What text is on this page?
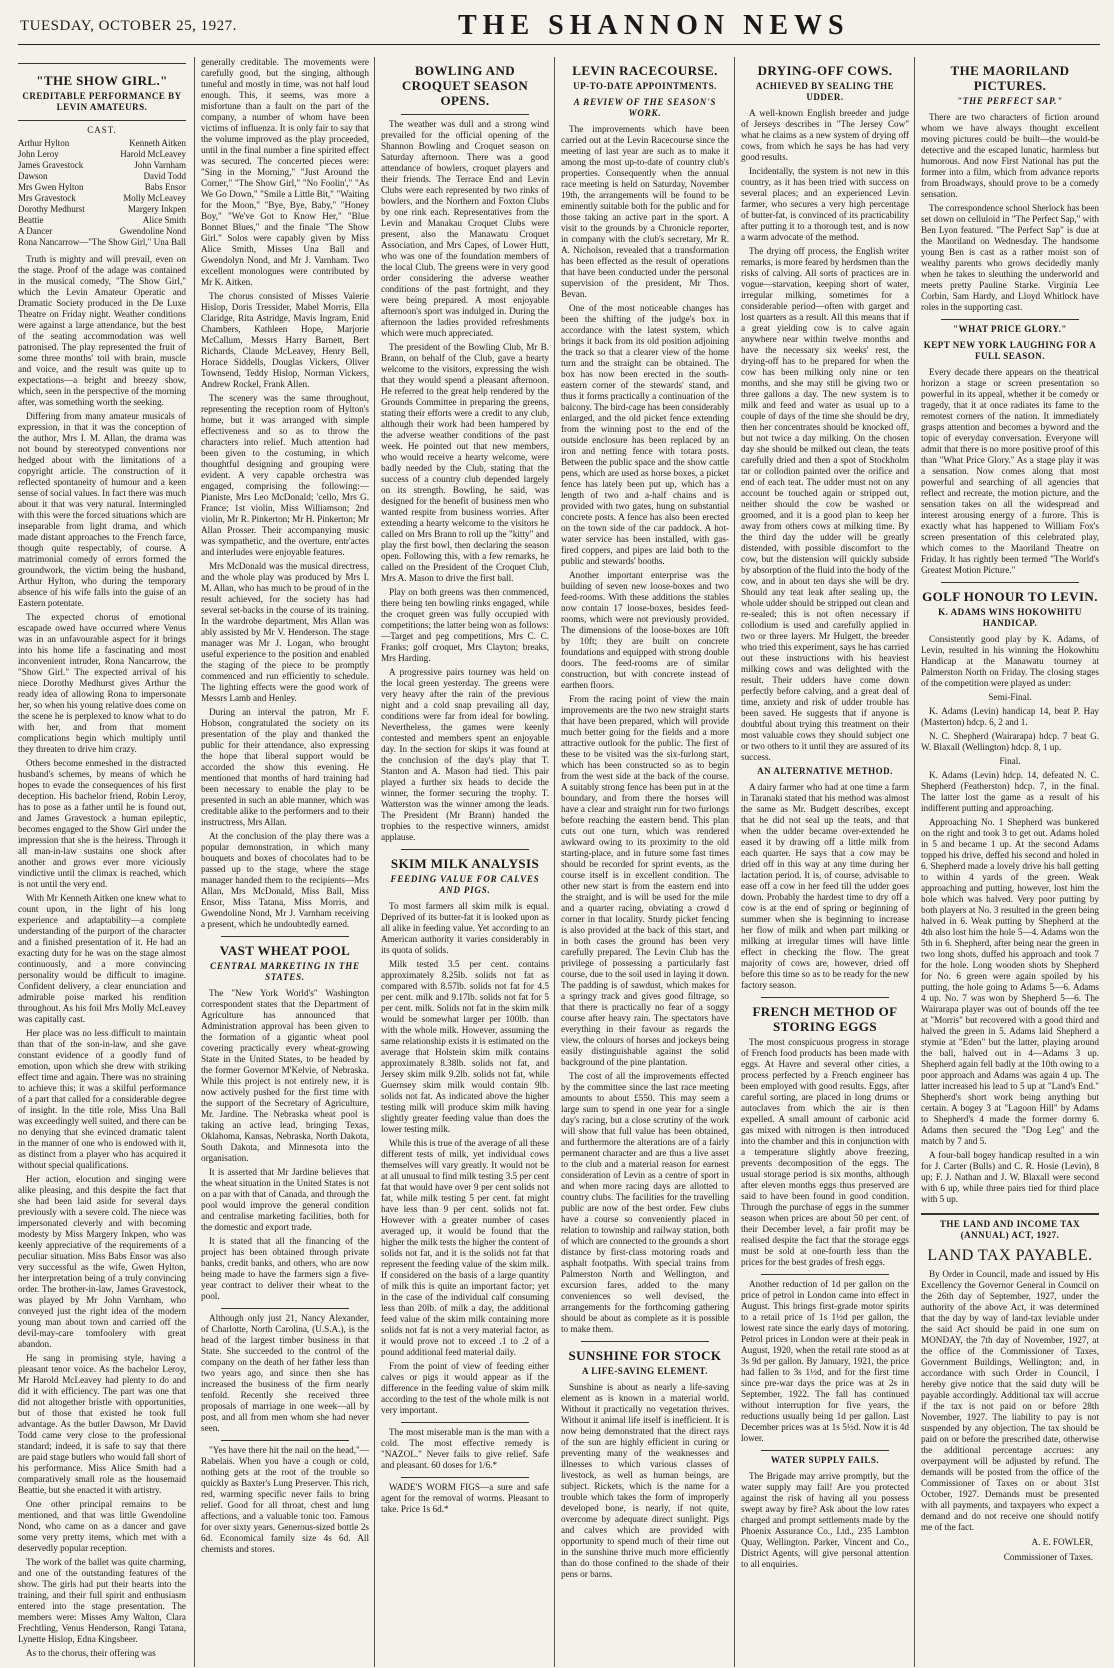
TUESDAY, OCTOBER 25, 1927.	THE SHANNON NEWS
"THE SHOW GIRL."
CREDITABLE PERFORMANCE BY LEVIN AMATEURS.
CAST.
Arthur Hylton	Kenneth Aitken
John Leroy	Harold McLeavey
James Gravestock	John Varnham
Dawson	David Todd
Mrs Gwen Hylton	Babs Ensor
Mrs Gravestock	Molly McLeavey
Dorothy Medhurst	Margery Inkpen
Beattie	Alice Smith
A Dancer	Gwendoline Nond
Rona Nancarrow—"The Show Girl," Una Ball

Truth is mighty and will prevail, even on the stage. Proof of the adage was contained in the musical comedy, "The Show Girl," which the Levin Amateur Operatic and Dramatic Society produced in the De Luxe Theatre on Friday night. Weather conditions were against a large attendance, but the best of the seating accommodation was well patronised. The play represented the fruit of some three months' toil with brain, muscle and voice, and the result was quite up to expectations—a bright and breezy show, which, seen in the perspective of the morning after, was something worth the seeking.

Differing from many amateur musicals of expression, in that it was the conception of the author, Mrs I. M. Allan, the drama was not bound by stereotyped conventions nor hedged about with the limitations of a copyright article. The construction of it reflected spontaneity of humour and a keen sense of social values. In fact there was much about it that was very natural. Intermingled with this were the forced situations which are inseparable from light drama, and which made distant approaches to the French farce, though quite respectably, of course. A matrimonial comedy of errors formed the groundwork, the victim being the husband, Arthur Hylton, who during the temporary absence of his wife falls into the guise of an Eastern potentate.

The expected chorus of emotional escapade owed have occurred where Venus was in an unfavourable aspect for it brings into his home life a fascinating and most inconvenient intruder, Rona Nancarrow, the "Show Girl." The expected arrival of his niece Dorothy Medhurst gives Arthur the ready idea of allowing Rona to impersonate her, so when his young relative does come on the scene he is perplexed to know what to do with her, and from that moment complications begin which multiply until they threaten to drive him crazy.

Others become enmeshed in the distracted husband's schemes, by means of which he hopes to evade the consequences of his first deception. His bachelor friend, Robin Leroy, has to pose as a father until he is found out, and James Gravestock a human epileptic, becomes engaged to the Show Girl under the impression that she is the heiress. Through it all man-in-law sustains one shock after another and grows ever more viciously vindictive until the climax is reached, which is not until the very end.

With Mr Kenneth Aitken one knew what to count upon, in the light of his long experience and adaptability—a complete understanding of the purport of the character and a finished presentation of it. He had an exacting duty for he was on the stage almost continuously, and a more convincing personality would be difficult to imagine. Confident delivery, a clear enunciation and admirable poise marked his rendition throughout. As his foil Mrs Molly McLeavey was capitally cast.

Her place was no less difficult to maintain than that of the son-in-law, and she gave constant evidence of a goodly fund of emotion, upon which she drew with striking effect time and again. There was no straining to achieve this; it was a skilful performance of a part that called for a considerable degree of insight. In the title role, Miss Una Ball was exceedingly well suited, and there can be no denying that she evinced dramatic talent in the manner of one who is endowed with it, as distinct from a player who has acquired it without special qualifications.

Her action, elocution and singing were alike pleasing, and this despite the fact that she had been laid aside for several days previously with a severe cold. The niece was impersonated cleverly and with becoming modesty by Miss Margery Inkpen, who was keenly appreciative of the requirements of a peculiar situation. Miss Babs Ensor was also very successful as the wife, Gwen Hylton, her interpretation being of a truly convincing order. The brother-in-law, James Gravestock, was played by Mr John Varnham, who conveyed just the right idea of the modern young man about town and carried off the devil-may-care tomfoolery with great abandon.

He sang in promising style, having a pleasant tenor voice. As the bachelor Leroy, Mr Harold McLeavey had plenty to do and did it with efficiency. The part was one that did not altogether bristle with opportunities, but of those that existed he took full advantage. As the butler Dawson, Mr David Todd came very close to the professional standard; indeed, it is safe to say that there are paid stage butlers who would fall short of his performance. Miss Alice Smith had a comparatively small role as the housemaid Beattie, but she enacted it with artistry.

One other principal remains to be mentioned, and that was little Gwendoline Nond, who came on as a dancer and gave some very pretty items, which met with a deservedly popular reception.

The work of the ballet was quite charming, and one of the outstanding features of the show. The girls had put their hearts into the training, and their full spirit and enthusiasm entered into the stage presentation. The members were: Misses Amy Walton, Clara Frechtling, Venus Henderson, Rangi Tatana, Lynette Hislop, Edna Kingsbeer.

As to the chorus, their offering was

generally creditable. The movements were carefully good, but the singing, although tuneful and mostly in time, was not half loud enough. This, it seems, was more a misfortune than a fault on the part of the company, a number of whom have been victims of influenza. It is only fair to say that the volume improved as the play proceeded, until in the final number a fine spirited effect was secured. The concerted pieces were: "Sing in the Morning," "Just Around the Corner," "The Show Girl," "No Foolin'," "As We Go Down," "Smile a Little Bit," "Waiting for the Moon," "Bye, Bye, Baby," "Honey Boy," "We've Got to Know Her," "Blue Bonnet Blues," and the finale "The Show Girl." Solos were capably given by Miss Alice Smith, Misses Una Ball and Gwendolyn Nond, and Mr J. Varnham. Two excellent monologues were contributed by Mr K. Aitken.

The chorus consisted of Misses Valerie Hislop, Doris Tressider, Mabel Morris, Ella Claridge, Rita Astridge, Mavis Ingram, Enid Chambers, Kathleen Hope, Marjorie McCallum, Messrs Harry Barnett, Bert Richards, Claude McLeavey, Henry Bell, Horace Siddells, Douglas Vickers, Oliver Townsend, Teddy Hislop, Norman Vickers, Andrew Rockel, Frank Allen.

The scenery was the same throughout, representing the reception room of Hylton's home, but it was arranged with simple effectiveness and so as to throw the characters into relief. Much attention had been given to the costuming, in which thoughtful designing and grouping were evident. A very capable orchestra was engaged, comprising the following:—Pianiste, Mrs Leo McDonald; 'cello, Mrs G. France; 1st violin, Miss Williamson; 2nd violin, Mr R. Pinkerton; Mr H. Pinkerton; Mr Allan Prosser. Their accompanying music was sympathetic, and the overture, entr'actes and interludes were enjoyable features.

Mrs McDonald was the musical directress, and the whole play was produced by Mrs I. M. Allan, who has much to be proud of in the result achieved, for the society has had several set-backs in the course of its training. In the wardrobe department, Mrs Allan was ably assisted by Mr V. Henderson. The stage manager was Mr J. Logan, who brought useful experience to the position and enabled the staging of the piece to be promptly commenced and run efficiently to schedule. The lighting effects were the good work of Messrs Lamb and Henley.

During an interval the patron, Mr F. Hobson, congratulated the society on its presentation of the play and thanked the public for their attendance, also expressing the hope that liberal support would be accorded the show this evening. He mentioned that months of hard training had been necessary to enable the play to be presented in such an able manner, which was creditable alike to the performers and to their instructress, Mrs Allan.

At the conclusion of the play there was a popular demonstration, in which many bouquets and boxes of chocolates had to be passed up to the stage, where the stage manager handed them to the recipients—Mrs Allan, Mrs McDonald, Miss Ball, Miss Ensor, Miss Tatana, Miss Morris, and Gwendoline Nond, Mr J. Varnham receiving a present, which he undoubtedly earned.

VAST WHEAT POOL
CENTRAL MARKETING IN THE STATES.

The "New York World's" Washington correspondent states that the Department of Agriculture has announced that Administration approval has been given to the formation of a gigantic wheat pool covering practically every wheat-growing State in the United States, to be headed by the former Governor M'Kelvie, of Nebraska. While this project is not entirely new, it is now actively pushed for the first time with the support of the Secretary of Agriculture, Mr. Jardine. The Nebraska wheat pool is taking an active lead, bringing Texas, Oklahoma, Kansas, Nebraska, North Dakota, South Dakota, and Minnesota into the organisation.

It is asserted that Mr Jardine believes that the wheat situation in the United States is not on a par with that of Canada, and through the pool would improve the general condition and centralise marketing facilities, both for the domestic and export trade.

It is stated that all the financing of the project has been obtained through private banks, credit banks, and others, who are now being made to have the farmers sign a five-year contract to deliver their wheat to the pool.

Although only just 21, Nancy Alexander, of Charlotte, North Carolina, (U.S.A.), is the head of the largest timber business in that State. She succeeded to the control of the company on the death of her father less than two years ago, and since then she has increased the business of the firm nearly tenfold. Recently she received three proposals of marriage in one week—all by post, and all from men whom she had never seen.

"Yes have there hit the nail on the head,"—Rabelais. When you have a cough or cold, nothing gets at the root of the trouble so quickly as Baxter's Lung Preserver. This rich, red, warming specific never fails to bring relief. Good for all throat, chest and lung affections, and a valuable tonic too. Famous for over sixty years. Generous-sized bottle 2s 6d. Economical family size 4s 6d. All chemists and stores.

BOWLING AND CROQUET SEASON OPENS.

The weather was dull and a strong wind prevailed for the official opening of the Shannon Bowling and Croquet season on Saturday afternoon. There was a good attendance of bowlers, croquet players and their friends. The Terrace End and Levin Clubs were each represented by two rinks of bowlers, and the Northern and Foxton Clubs by one rink each. Representatives from the Levin and Manakau Croquet Clubs were present, also the Manawatu Croquet Association, and Mrs Capes, of Lower Hutt, who was one of the foundation members of the local Club. The greens were in very good order considering the adverse weather conditions of the past fortnight, and they were being prepared. A most enjoyable afternoon's sport was indulged in. During the afternoon the ladies provided refreshments which were much appreciated.

The president of the Bowling Club, Mr B. Brann, on behalf of the Club, gave a hearty welcome to the visitors, expressing the wish that they would spend a pleasant afternoon. He referred to the great help rendered by the Grounds Committee in preparing the greens, stating their efforts were a credit to any club, although their work had been hampered by the adverse weather conditions of the past week. He pointed out that new members, who would receive a hearty welcome, were badly needed by the Club, stating that the success of a country club depended largely on its strength. Bowling, he said, was designed for the benefit of business men who wanted respite from business worries. After extending a hearty welcome to the visitors he called on Mrs Brann to roll up the "kitty" and play the first bowl, then declaring the season open. Following this, with a few remarks, he called on the President of the Croquet Club, Mrs A. Mason to drive the first ball.

Play on both greens was then commenced, there being ten bowling rinks engaged, while the croquet green was fully occupied with competitions; the latter being won as follows:—Target and peg competitions, Mrs C. C. Franks; golf croquet, Mrs Clayton; breaks, Mrs Harding.

A progressive pairs tourney was held on the local green yesterday. The greens were very heavy after the rain of the previous night and a cold snap prevailing all day, conditions were far from ideal for bowling. Nevertheless, the games were keenly contested and members spent an enjoyable day. In the section for skips it was found at the conclusion of the day's play that T. Stanton and A. Mason had tied. This pair played a further six heads to decide the winner, the former securing the trophy. T. Watterston was the winner among the leads. The President (Mr Brann) handed the trophies to the respective winners, amidst applause.

SKIM MILK ANALYSIS
FEEDING VALUE FOR CALVES AND PIGS.

To most farmers all skim milk is equal. Deprived of its butter-fat it is looked upon as all alike in feeding value. Yet according to an American authority it varies considerably in its quota of solids.

Milk tested 3.5 per cent. contains approximately 8.25lb. solids not fat as compared with 8.57lb. solids not fat for 4.5 per cent. milk and 9.17lb. solids not fat for 5 per cent. milk. Solids not fat in the skim milk would be somewhat larger per 100lb. than with the whole milk. However, assuming the same relationship exists it is estimated on the average that Holstein skim milk contains approximately 8.38lb. solids not fat, and Jersey skim milk 9.2lb. solids not fat, while Guernsey skim milk would contain 9lb. solids not fat. As indicated above the higher testing milk will produce skim milk having slightly greater feeding value than does the lower testing milk.

While this is true of the average of all these different tests of milk, yet individual cows themselves will vary greatly. It would not be at all unusual to find milk testing 3.5 per cent fat that would have over 9 per cent solids not fat, while milk testing 5 per cent. fat might have less than 9 per cent. solids not fat. However with a greater number of cases averaged up, it would be found that the higher the milk tests the higher the content of solids not fat, and it is the solids not fat that represent the feeding value of the skim milk. If considered on the basis of a large quantity of milk this is quite an important factor; yet in the case of the individual calf consuming less than 20lb. of milk a day, the additional feed value of the skim milk containing more solids not fat is not a very material factor, as it would prove not to exceed .1 to .2 of a pound additional feed material daily.

From the point of view of feeding either calves or pigs it would appear as if the difference in the feeding value of skim milk according to the test of the whole milk is not very important.

The most miserable man is the man with a cold. The most effective remedy is "NAZOL." Never fails to give relief. Safe and pleasant. 60 doses for 1/6.*

WADE'S WORM FIGS—a sure and safe agent for the removal of worms. Pleasant to take. Price 1s 6d.*

LEVIN RACECOURSE.
UP-TO-DATE APPOINTMENTS.
A REVIEW OF THE SEASON'S WORK.

The improvements which have been carried out at the Levin Racecourse since the meeting of last year are such as to make it among the most up-to-date of country club's properties. Consequently when the annual race meeting is held on Saturday, November 19th, the arrangements will be found to be eminently suitable both for the public and for those taking an active part in the sport. A visit to the grounds by a Chronicle reporter, in company with the club's secretary, Mr R. A. Nicholson, revealed that a transformation has been effected as the result of operations that have been conducted under the personal supervision of the president, Mr Thos. Bevan.

One of the most noticeable changes has been the shifting of the judge's box in accordance with the latest system, which brings it back from its old position adjoining the track so that a clearer view of the home turn and the straight can be obtained. The box has now been erected in the south-eastern corner of the stewards' stand, and thus it forms practically a continuation of the balcony. The bird-cage has been considerably enlarged, and the old picket fence extending from the winning post to the end of the outside enclosure has been replaced by an iron and netting fence with totara posts. Between the public space and the show cattle pens, which are used as horse boxes, a picket fence has lately been put up, which has a length of two and a-half chains and is provided with two gates, hung on substantial concrete posts. A fence has also been erected on the town side of the car paddock. A hot-water service has been installed, with gas-fired coppers, and pipes are laid both to the public and stewards' booths.

Another important enterprise was the building of seven new loose-boxes and two feed-rooms. With these additions the stables now contain 17 loose-boxes, besides feed-rooms, which were not previously provided. The dimensions of the loose-boxes are 10ft by 10ft; they are built on concrete foundations and equipped with strong double doors. The feed-rooms are of similar construction, but with concrete instead of earthen floors.

From the racing point of view the main improvements are the two new straight starts that have been prepared, which will provide much better going for the fields and a more attractive outlook for the public. The first of these to be visited was the six-furlong start, which has been constructed so as to begin from the west side at the back of the course. A suitably strong fence has been put in at the boundary, and from there the horses will have a clear and straight run for two furlongs before reaching the eastern bend. This plan cuts out one turn, which was rendered awkward owing to its proximity to the old starting-place, and in future some fast times should be recorded for sprint events, as the course itself is in excellent condition. The other new start is from the eastern end into the straight, and is will be used for the mile and a quarter racing, obviating a crowd d corner in that locality. Sturdy picket fencing is also provided at the back of this start, and in both cases the ground has been very carefully prepared. The Levin Club has the privilege of possessing a particularly fast course, due to the soil used in laying it down. The padding is of sawdust, which makes for a springy track and gives good filtrage, so that there is practically no fear of a soggy course after heavy rain. The spectators have everything in their favour as regards the view, the colours of horses and jockeys being easily distinguishable against the solid background of the pine plantation.

The cost of all the improvements effected by the committee since the last race meeting amounts to about £550. This may seem a large sum to spend in one year for a single day's racing, but a close scrutiny of the work will show that full value has been obtained, and furthermore the alterations are of a fairly permanent character and are thus a live asset to the club and a material reason for earnest consideration of Levin as a centre of sport in and when more racing days are allotted to country clubs. The facilities for the travelling public are now of the best order. Few clubs have a course so conveniently placed in relation to township and railway station, both of which are connected to the grounds a short distance by first-class motoring roads and asphalt footpaths. With special trains from Palmerston North and Wellington, and excursion fares, added to the many conveniences so well devised, the arrangements for the forthcoming gathering should be about as complete as it is possible to make them.

SUNSHINE FOR STOCK
A LIFE-SAVING ELEMENT.

Sunshine is about as nearly a life-saving element as is known in a material world. Without it practically no vegetation thrives. Without it animal life itself is inefficient. It is now being demonstrated that the direct rays of the sun are highly efficient in curing or preventing many of the weaknesses and illnesses to which various classes of livestock, as well as human beings, are subject. Rickets, which is the name for a trouble which takes the form of improperly developed bone, is nearly, if not quite, overcome by adequate direct sunlight. Pigs and calves which are provided with opportunity to spend much of their time out in the sunshine thrive much more efficiently than do those confined to the shade of their pens or barns.

DRYING-OFF COWS.
ACHIEVED BY SEALING THE UDDER.

A well-known English breeder and judge of Jerseys describes in "The Jersey Cow" what he claims as a new system of drying off cows, from which he says he has had very good results.

Incidentally, the system is not new in this country, as it has been tried with success on several places; and an experienced Levin farmer, who secures a very high percentage of butter-fat, is convinced of its practicability after putting it to a thorough test, and is now a warm advocate of the method.

The drying off process, the English writer remarks, is more feared by herdsmen than the risks of calving. All sorts of practices are in vogue—starvation, keeping short of water, irregular milking, sometimes for a considerable period—often with garget and lost quarters as a result. All this means that if a great yielding cow is to calve again anywhere near within twelve months and have the necessary six weeks' rest, the drying-off has to be prepared for when the cow has been milking only nine or ten months, and she may still be giving two or three gallons a day. The new system is to milk and feed and water as usual up to a couple of days of the time she should be dry, then her concentrates should be knocked off, but not twice a day milking. On the chosen day she should be milked out clean, the teats carefully dried and then a spot of Stockholm tar or collodion painted over the orifice and end of each teat. The udder must not on any account be touched again or stripped out, neither should the cow be washed or groomed, and it is a good plan to keep her away from others cows at milking time. By the third day the udder will be greatly distended, with possible discomfort to the cow, but the distension will quickly subside by absorption of the fluid into the body of the cow, and in about ten days she will be dry. Should any teat leak after sealing up, the whole udder should be stripped out clean and re-sealed; this is not often necessary if collodium is used and carefully applied in two or three layers. Mr Hulgett, the breeder who tried this experiment, says he has carried out these instructions with his heaviest milking cows and was delighted with the result. Their udders have come down perfectly before calving, and a great deal of time, anxiety and risk of udder trouble has been saved. He suggests that if anyone is doubtful about trying this treatment on their most valuable cows they should subject one or two others to it until they are assured of its success.

AN ALTERNATIVE METHOD.

A dairy farmer who had at one time a farm in Taranaki stated that his method was almost the same as Mr. Budgett describes, except that he did not seal up the teats, and that when the udder became over-extended he eased it by drawing off a little milk from each quarter. He says that a cow may be dried off in this way at any time during her lactation period. It is, of course, advisable to ease off a cow in her feed till the udder goes down. Probably the hardest time to dry off a cow is at the end of spring or beginning of summer when she is beginning to increase her flow of milk and when part milking or milking at irregular times will have little effect in checking the flow. The great majority of cows are, however, dried off before this time so as to be ready for the new factory season.

FRENCH METHOD OF STORING EGGS

The most conspicuous progress in storage of French food products has been made with eggs. At Havre and several other cities, a process perfected by a French engineer has been employed with good results. Eggs, after careful sorting, are placed in long drums or autoclaves from which the air is then expelled. A small amount of carbonic acid gas mixed with nitrogen is then introduced into the chamber and this in conjunction with a temperature slightly above freezing, prevents decomposition of the eggs. The usual storage period is six months, although after eleven months eggs thus preserved are said to have been found in good condition. Through the purchase of eggs in the summer season when prices are about 50 per cent. of their December level, a fair profit may be realised despite the fact that the storage eggs must be sold at one-fourth less than the prices for the best grades of fresh eggs.

Another reduction of 1d per gallon on the price of petrol in London came into effect in August. This brings first-grade motor spirits to a retail price of 1s 1½d per gallon, the lowest rate since the early days of motoring. Petrol prices in London were at their peak in August, 1920, when the retail rate stood as at 3s 9d per gallon. By January, 1921, the price had fallen to 3s 1½d, and for the first time since pre-war days the price was at 2s in September, 1922. The fall has continued without interruption for five years, the reductions usually being 1d per gallon. Last December prices was at 1s 5½d. Now it is 4d lower.

WATER SUPPLY FAILS.

The Brigade may arrive promptly, but the water supply may fail! Are you protected against the risk of having all you possess swept away by fire? Ask about the low rates charged and prompt settlements made by the Phoenix Assurance Co., Ltd., 235 Lambton Quay, Wellington. Parker, Vincent and Co., District Agents, will give personal attention to all enquiries.

THE MAORILAND PICTURES.
"THE PERFECT SAP."

There are two characters of fiction around whom we have always thought excellent moving pictures could be built—the would-be detective and the escaped lunatic, harmless but humorous. And now First National has put the former into a film, which from advance reports from Broadways, should prove to be a comedy sensation.

The correspondence school Sherlock has been set down on celluloid in "The Perfect Sap," with Ben Lyon featured. "The Perfect Sap" is due at the Maoriland on Wednesday. The handsome young Ben is cast as a rather moist son of wealthy parents who grows decidedly manly when he takes to sleuthing the underworld and meets pretty Pauline Starke. Virginia Lee Corbin, Sam Hardy, and Lloyd Whitlock have roles in the supporting cast.

"WHAT PRICE GLORY."
KEPT NEW YORK LAUGHING FOR A FULL SEASON.

Every decade there appears on the theatrical horizon a stage or screen presentation so powerful in its appeal, whether it be comedy or tragedy, that it at once radiates its fame to the remotest corners of the nation. It immediately grasps attention and becomes a byword and the topic of everyday conversation. Everyone will admit that there is no more positive proof of this than "What Price Glory." As a stage play it was a sensation. Now comes along that most powerful and searching of all agencies that reflect and recreate, the motion picture, and the sensation takes on all the widespread and interest arousing energy of a furore. This is exactly what has happened to William Fox's screen presentation of this celebrated play, which comes to the Maoriland Theatre on Friday. It has rightly been termed "The World's Greatest Motion Picture."

GOLF HONOUR TO LEVIN.
K. ADAMS WINS HOKOWHITU HANDICAP.

Consistently good play by K. Adams, of Levin, resulted in his winning the Hokowhitu Handicap at the Manawatu tourney at Palmerston North on Friday. The closing stages of the competition were played as under:

Semi-Final.

K. Adams (Levin) handicap 14, beat P. Hay (Masterton) hdcp. 6, 2 and 1.

N. C. Shepherd (Wairarapa) hdcp. 7 beat G. W. Blaxall (Wellington) hdcp. 8, 1 up.

Final.

K. Adams (Levin) hdcp. 14, defeated N. C. Shepherd (Featherston) hdcp. 7, in the final. The latter lost the game as a result of his indifferent putting and approaching.

Approaching No. 1 Shepherd was bunkered on the right and took 3 to get out. Adams holed in 5 and became 1 up. At the second Adams topped his drive, deffed his second and holed in 6. Shepherd made a lovely drive his ball getting to within 4 yards of the green. Weak approaching and putting, however, lost him the hole which was halved. Very poor putting by both players at No. 3 resulted in the green being halved in 6. Weak putting by Shepherd at the 4th also lost him the hole 5—4. Adams won the 5th in 6. Shepherd, after being near the green in two long shots, duffed his approach and took 7 for the hole. Long wooden shots by Shepherd for No. 6 green were again spoiled by his putting, the hole going to Adams 5—6. Adams 4 up. No. 7 was won by Shepherd 5—6. The Wairarapa player was out of bounds off the tee at "Morris" but recovered with a good third and halved the green in 5. Adams laid Shepherd a stymie at "Eden" but the latter, playing around the ball, halved out in 4—Adams 3 up. Shepherd again fell badly at the 10th owing to a poor approach and Adams was again 4 up. The latter increased his lead to 5 up at "Land's End." Shepherd's short work being anything but certain. A bogey 3 at "Lagoon Hill" by Adams to Shepherd's 4 made the former dormy 6. Adams then secured the "Dog Leg" and the match by 7 and 5.

A four-ball bogey handicap resulted in a win for J. Carter (Bulls) and C. R. Hosie (Levin), 8 up; F. J. Nathan and J. W. Blaxall were second with 6 up, while three pairs tied for third place with 5 up.

THE LAND AND INCOME TAX (ANNUAL) ACT, 1927.
LAND TAX PAYABLE.

By Order in Council, made and issued by His Excellency the Governor General in Council on the 26th day of September, 1927, under the authority of the above Act, it was determined that the day by way of land-tax leviable under the said Act should be paid in one sum on MONDAY, the 7th day of November, 1927, at the office of the Commissioner of Taxes, Government Buildings, Wellington; and, in accordance with such Order in Council, I hereby give notice that the said duty will be payable accordingly. Additional tax will accrue if the tax is not paid on or before 28th November, 1927. The liability to pay is not suspended by any objection. The tax should be paid on or before the prescribed date, otherwise the additional percentage accrues: any overpayment will be adjusted by refund. The demands will be posted from the office of the Commissioner of Taxes on or about 31st October, 1927. Demands must be presented with all payments, and taxpayers who expect a demand and do not receive one should notify me of the fact.

A. E. FOWLER,
Commissioner of Taxes.
